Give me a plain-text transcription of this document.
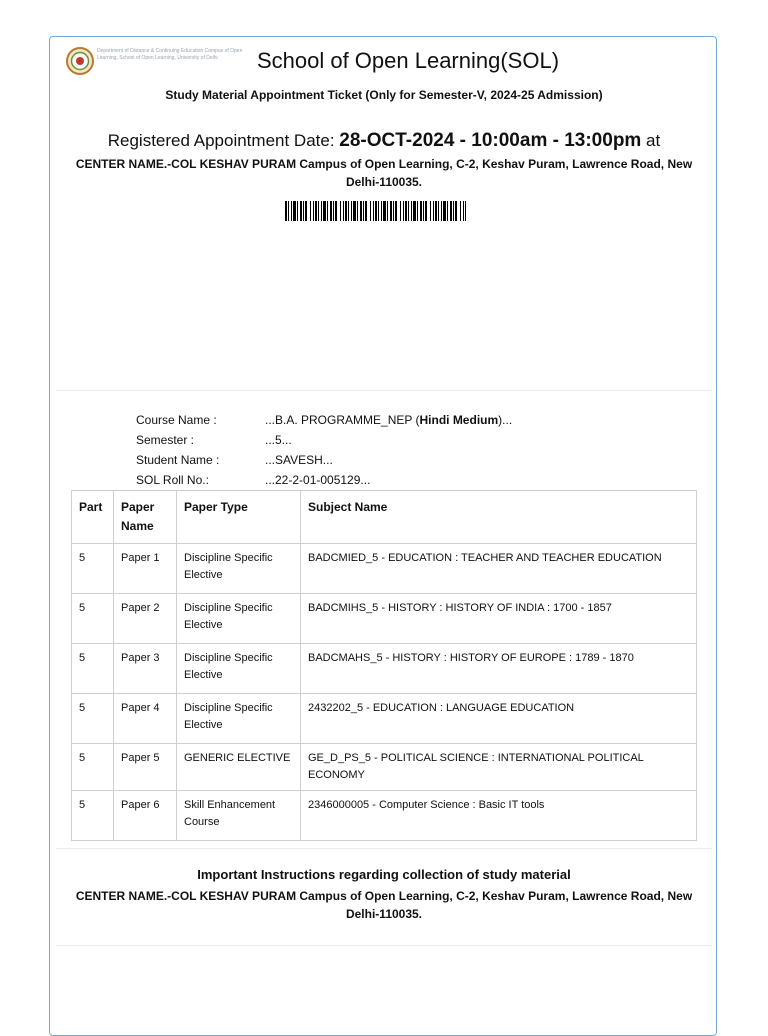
Department of Distance & Continuing Education Campus of Open Learning, School of Open Learning, University of Delhi	School of Open Learning(SOL)
Study Material Appointment Ticket (Only for Semester-V, 2024-25 Admission)
Registered Appointment Date: 28-OCT-2024 - 10:00am - 13:00pm at
CENTER NAME.-COL KESHAV PURAM Campus of Open Learning, C-2, Keshav Puram, Lawrence Road, New Delhi-110035.
Course Name :	...B.A. PROGRAMME_NEP (Hindi Medium)...
Semester :	...5...
Student Name :	...SAVESH...
SOL Roll No.:	...22-2-01-005129...
Part	Paper Name	Paper Type	Subject Name
5	Paper 1	Discipline Specific Elective	BADCMIED_5 - EDUCATION : TEACHER AND TEACHER EDUCATION
5	Paper 2	Discipline Specific Elective	BADCMIHS_5 - HISTORY : HISTORY OF INDIA : 1700 - 1857
5	Paper 3	Discipline Specific Elective	BADCMAHS_5 - HISTORY : HISTORY OF EUROPE : 1789 - 1870
5	Paper 4	Discipline Specific Elective	2432202_5 - EDUCATION : LANGUAGE EDUCATION
5	Paper 5	GENERIC ELECTIVE	GE_D_PS_5 - POLITICAL SCIENCE : INTERNATIONAL POLITICAL ECONOMY
5	Paper 6	Skill Enhancement Course	2346000005 - Computer Science : Basic IT tools
Important Instructions regarding collection of study material
CENTER NAME.-COL KESHAV PURAM Campus of Open Learning, C-2, Keshav Puram, Lawrence Road, New Delhi-110035.
